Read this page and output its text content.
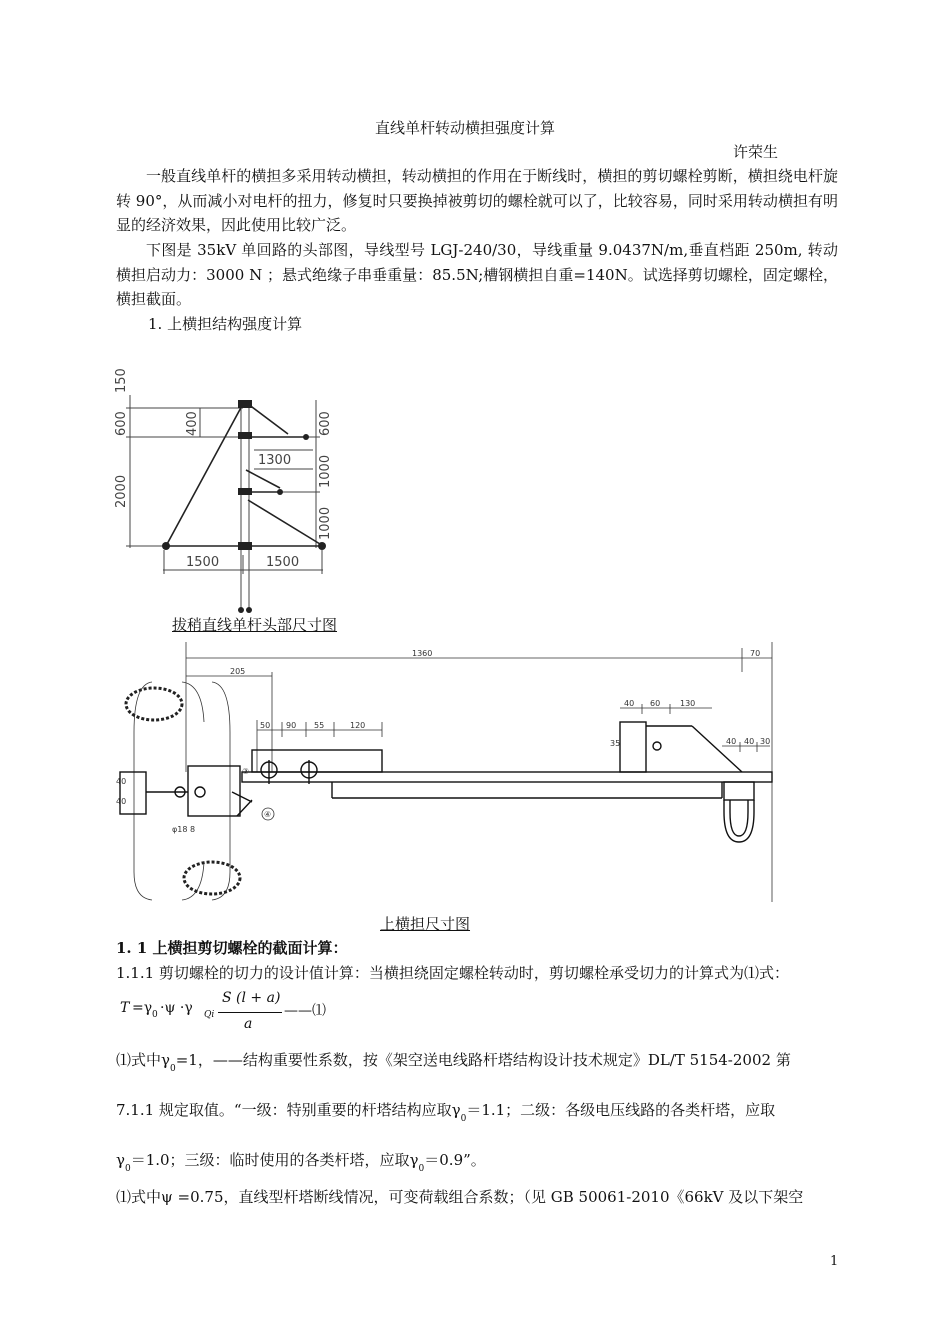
直线单杆转动横担强度计算
许荣生
一般直线单杆的横担多采用转动横担，转动横担的作用在于断线时，横担的剪切螺栓剪断，横担绕电杆旋转 90°，从而减小对电杆的扭力，修复时只要换掉被剪切的螺栓就可以了，比较容易，同时采用转动横担有明显的经济效果，因此使用比较广泛。
下图是 35kV 单回路的头部图，导线型号 LGJ-240/30，导线重量 9.0437N/m,垂直档距 250m, 转动横担启动力：3000 N ；悬式绝缘子串垂重量：85.5N;槽钢横担自重=140N。试选择剪切螺栓，固定螺栓，横担截面。
1. 上横担结构强度计算
150
600	400
2000
1300
600
1000
1000
1500	1500
拔稍直线单杆头部尺寸图
1360	70
205
50 90 55	120
40 60 130
40 40 30
40
40
35
③
④
φ18 8
上横担尺寸图
1. 1 上横担剪切螺栓的截面计算：
1.1.1 剪切螺栓的切力的设计值计算：当横担绕固定螺栓转动时，剪切螺栓承受切力的计算式为⑴式：
T =γ 0 ·ψ ·γ Qi
S (l + a)
a
——⑴
⑴式中$\gamma_0=1$，——结构重要性系数，按《架空送电线路杆塔结构设计技术规定》DL/T 5154-2002 第
7.1.1 规定取值。“一级：特别重要的杆塔结构应取$\gamma_0=1.1$；二级：各级电压线路的各类杆塔，应取
$\gamma_0=1.0$；三级：临时使用的各类杆塔，应取$\gamma_0=0.9$”。
⑴式中ψ =0.75，直线型杆塔断线情况，可变荷载组合系数；（见 GB 50061-2010《66kV 及以下架空
1
